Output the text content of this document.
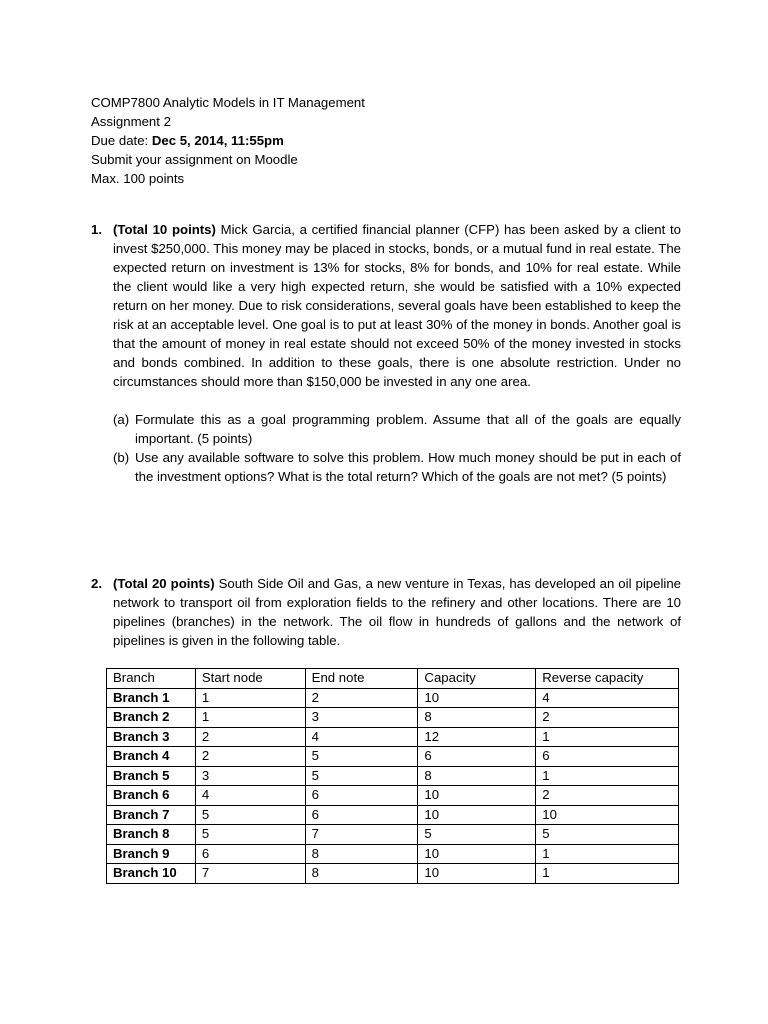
COMP7800 Analytic Models in IT Management
Assignment 2
Due date: Dec 5, 2014, 11:55pm
Submit your assignment on Moodle
Max. 100 points
1. (Total 10 points) Mick Garcia, a certified financial planner (CFP) has been asked by a client to invest $250,000. This money may be placed in stocks, bonds, or a mutual fund in real estate. The expected return on investment is 13% for stocks, 8% for bonds, and 10% for real estate. While the client would like a very high expected return, she would be satisfied with a 10% expected return on her money. Due to risk considerations, several goals have been established to keep the risk at an acceptable level. One goal is to put at least 30% of the money in bonds. Another goal is that the amount of money in real estate should not exceed 50% of the money invested in stocks and bonds combined. In addition to these goals, there is one absolute restriction. Under no circumstances should more than $150,000 be invested in any one area.
(a) Formulate this as a goal programming problem. Assume that all of the goals are equally important. (5 points)
(b) Use any available software to solve this problem. How much money should be put in each of the investment options? What is the total return? Which of the goals are not met? (5 points)
2. (Total 20 points) South Side Oil and Gas, a new venture in Texas, has developed an oil pipeline network to transport oil from exploration fields to the refinery and other locations. There are 10 pipelines (branches) in the network. The oil flow in hundreds of gallons and the network of pipelines is given in the following table.
Branch	Start node	End note	Capacity	Reverse capacity
Branch 1	1	2	10	4
Branch 2	1	3	8	2
Branch 3	2	4	12	1
Branch 4	2	5	6	6
Branch 5	3	5	8	1
Branch 6	4	6	10	2
Branch 7	5	6	10	10
Branch 8	5	7	5	5
Branch 9	6	8	10	1
Branch 10	7	8	10	1
